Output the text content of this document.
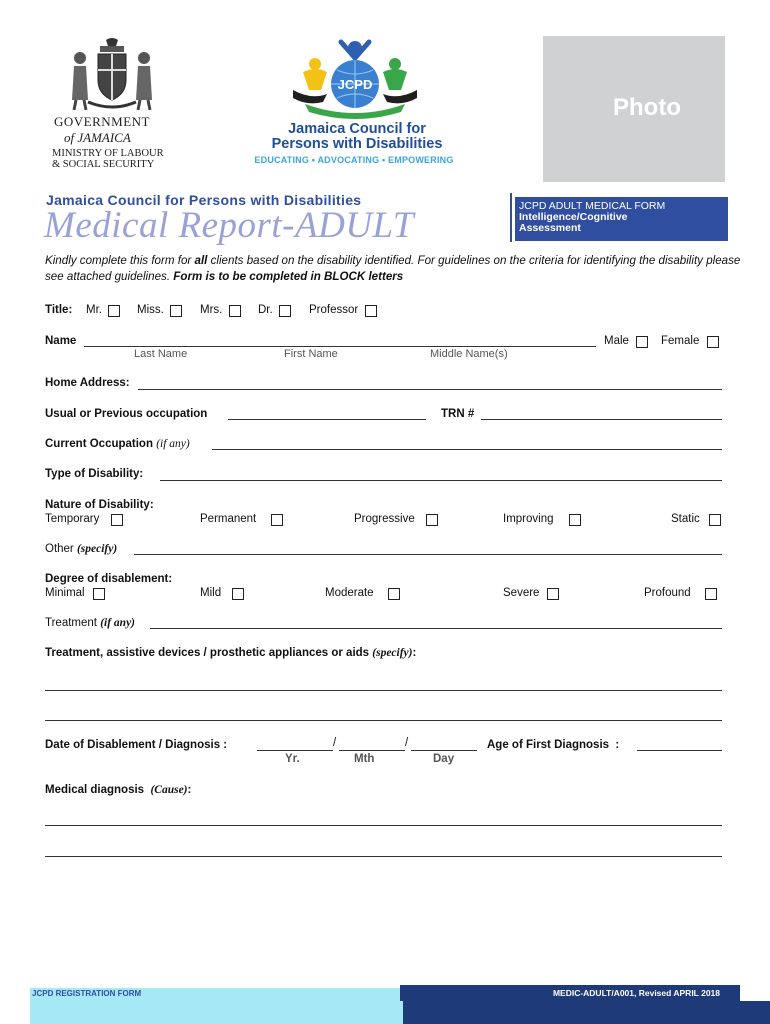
GOVERNMENT
of JAMAICA
MINISTRY OF LABOUR
& SOCIAL SECURITY
JCPD
Jamaica Council for
Persons with Disabilities
EDUCATING • ADVOCATING • EMPOWERING
Photo
Jamaica Council for Persons with Disabilities
Medical Report-ADULT	JCPD ADULT MEDICAL FORM
Intelligence/Cognitive
Assessment
Kindly complete this form for all clients based on the disability identified. For guidelines on the criteria for identifying the disability please see attached guidelines. Form is to be completed in BLOCK letters
Title: Mr.	Miss.	Mrs.	Dr.	Professor
Name	Male	Female
Last Name	First Name	Middle Name(s)
Home Address:
Usual or Previous occupation	TRN #
Current Occupation (if any)
Type of Disability:
Nature of Disability:
Temporary	Permanent	Progressive	Improving	Static
Other (specify)
Degree of disablement:
Minimal	Mild	Moderate	Severe	Profound
Treatment (if any)
Treatment, assistive devices / prosthetic appliances or aids (specify):
Date of Disablement / Diagnosis :	/	/	Age of First Diagnosis  :
Yr.	Mth	Day
Medical diagnosis (Cause):
JCPD REGISTRATION FORM	MEDIC-ADULT/A001, Revised APRIL 2018
